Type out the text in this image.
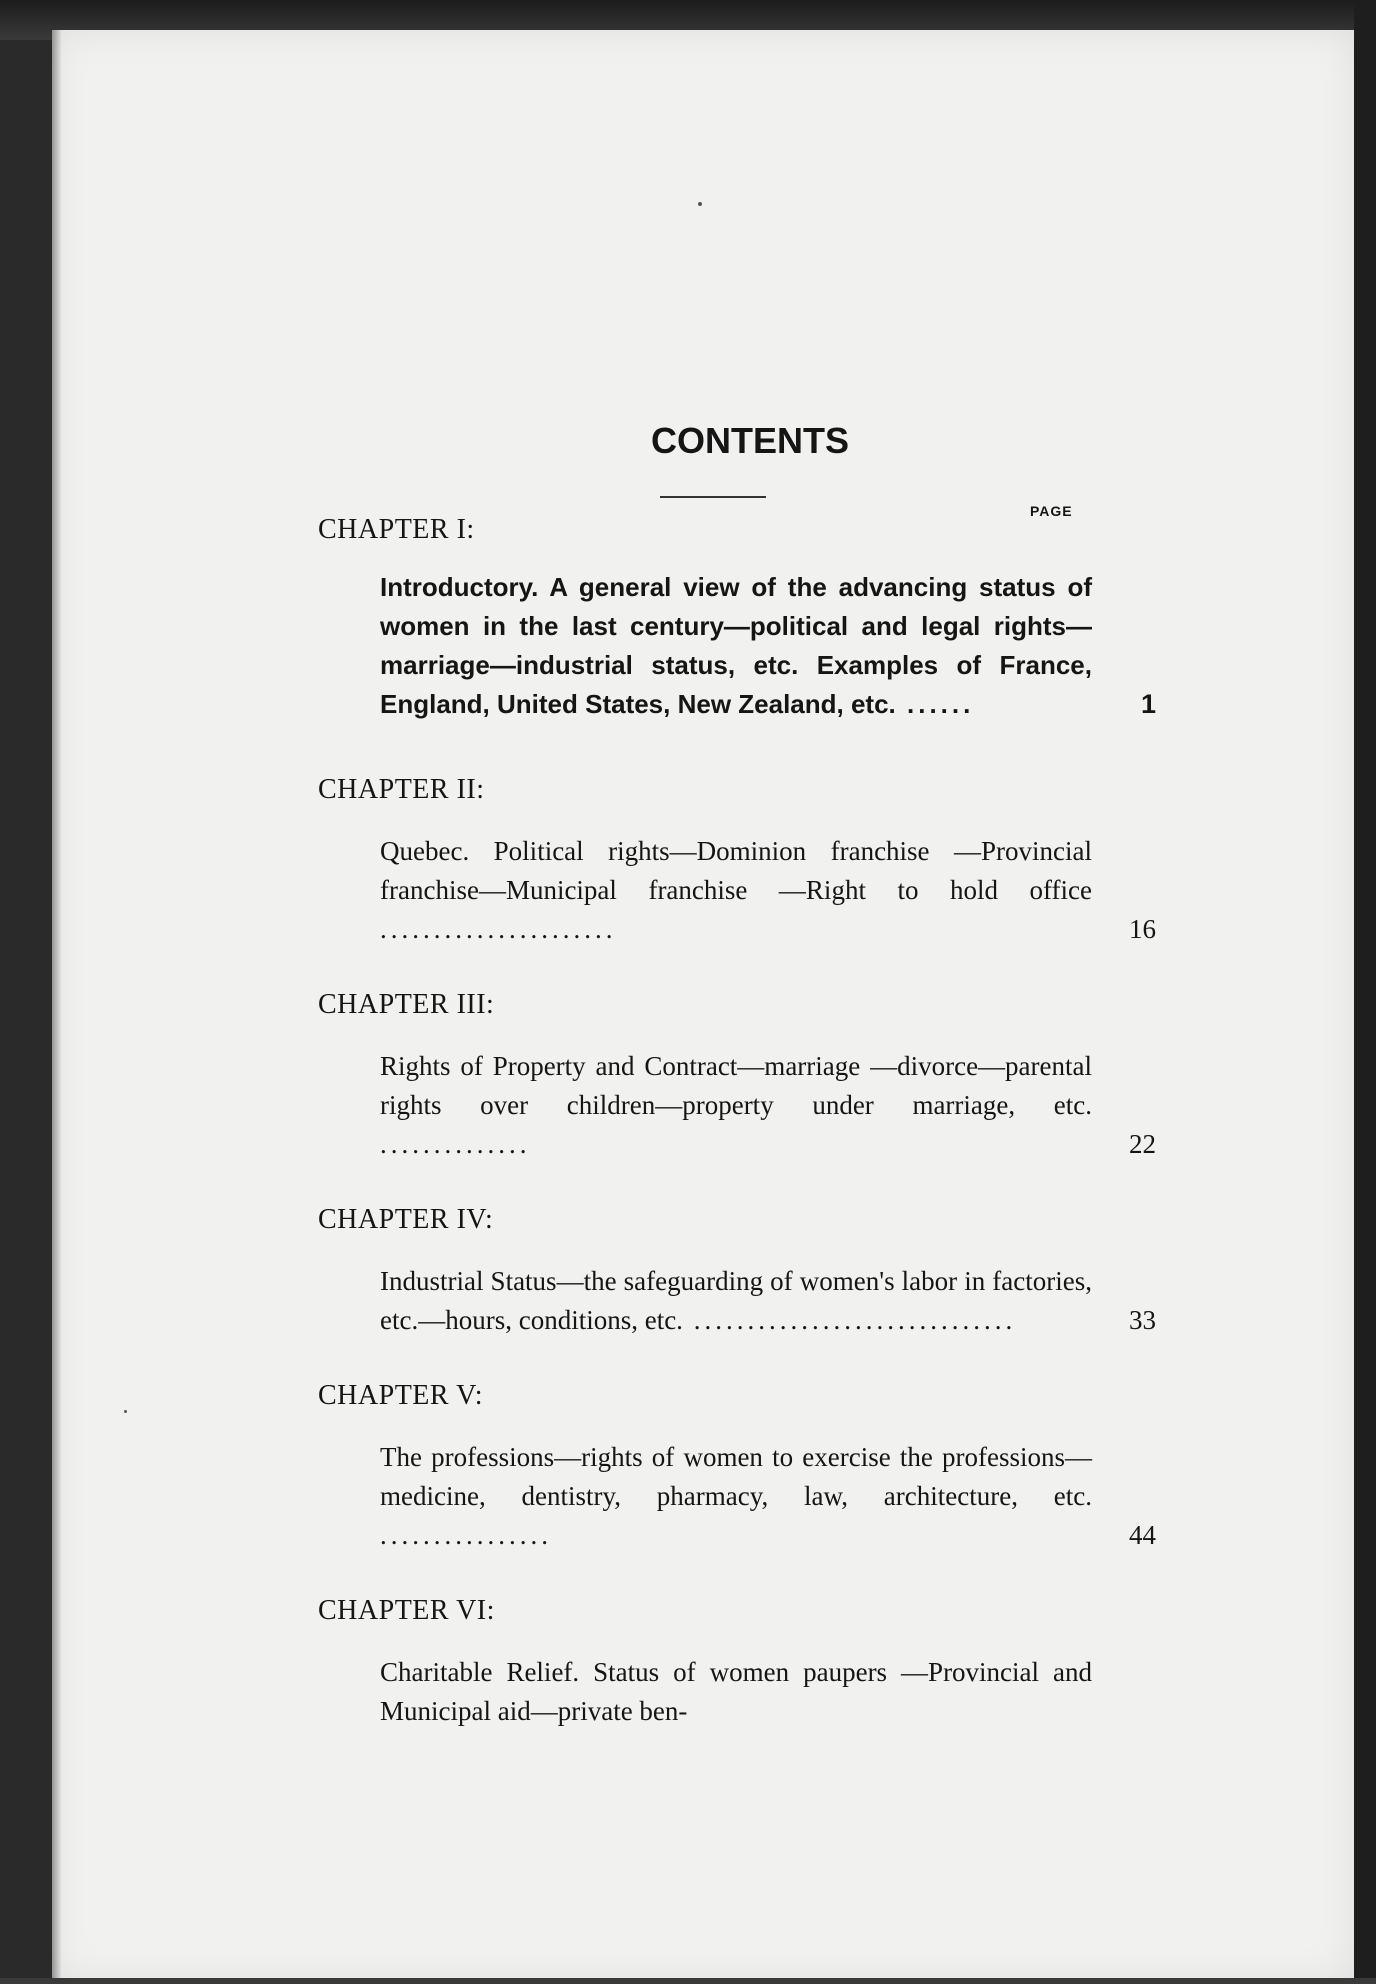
CONTENTS
PAGE
CHAPTER I:
Introductory. A general view of the advancing status of women in the last century—political and legal rights—marriage—industrial status, etc. Examples of France, England, United States, New Zealand, etc. ......	1
CHAPTER II:
Quebec. Political rights—Dominion franchise —Provincial franchise—Municipal franchise —Right to hold office ......................	16
CHAPTER III:
Rights of Property and Contract—marriage —divorce—parental rights over children—property under marriage, etc. ..............	22
CHAPTER IV:
Industrial Status—the safeguarding of women's labor in factories, etc.—hours, conditions, etc. ..............................	33
CHAPTER V:
The professions—rights of women to exercise the professions—medicine, dentistry, pharmacy, law, architecture, etc. ................	44
CHAPTER VI:
Charitable Relief. Status of women paupers —Provincial and Municipal aid—private ben-
